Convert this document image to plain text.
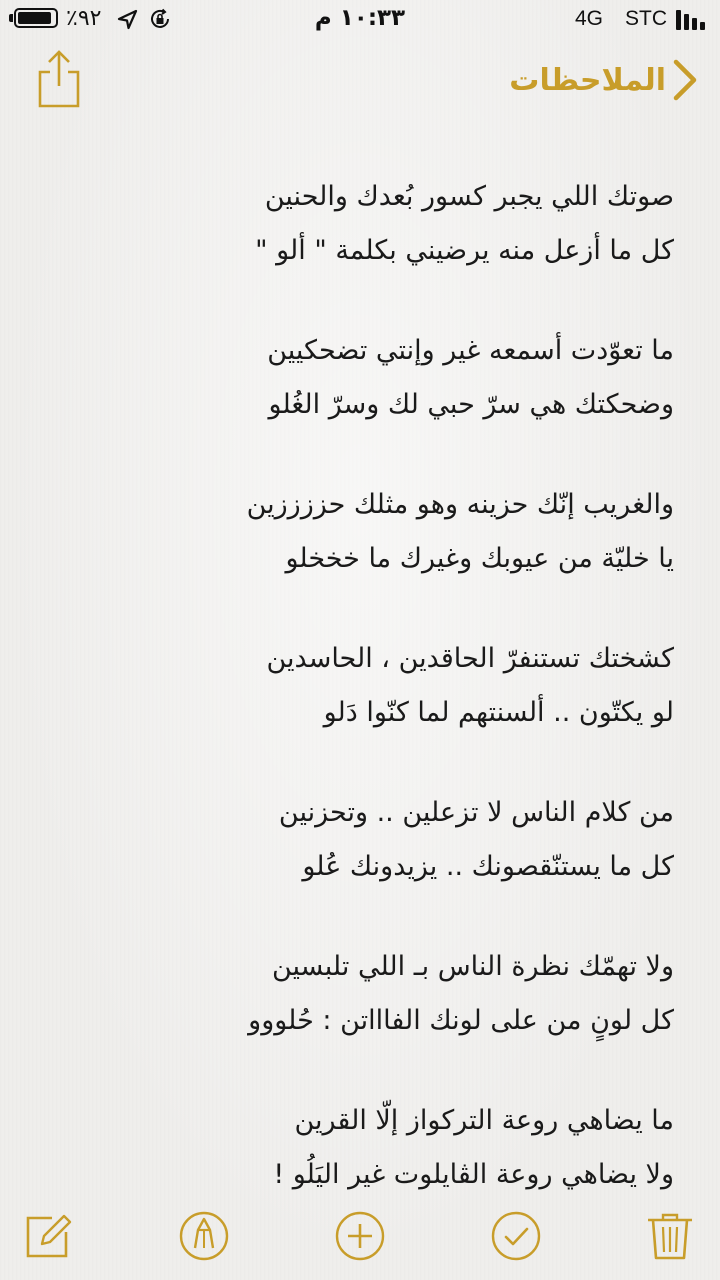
٪٩٢	١٠:٣٣ م	4G STC
الملاحظات
صوتك اللي يجبر كسور بُعدك والحنين
كل ما أزعل منه يرضيني بكلمة " ألو "
ما تعوّدت أسمعه غير وإنتي تضحكيين
وضحكتك هي سرّ حبي لك وسرّ الغُلو
والغريب إنّك حزينه وهو مثلك حززززين
يا خليّة من عيوبك وغيرك ما خخخلو
كشختك تستنفرّ الحاقدين ، الحاسدين
لو يكتّون .. ألسنتهم لما كنّوا دَلو
من كلام الناس لا تزعلين .. وتحزنين
كل ما يستنّقصونك .. يزيدونك عُلو
ولا تهمّك نظرة الناس بـ اللي تلبسين
كل لونٍ من على لونك الفاااتن : حُلووو
ما يضاهي روعة التركواز إلّا القرين
ولا يضاهي روعة الڤايلوت غير اليَلُو !
